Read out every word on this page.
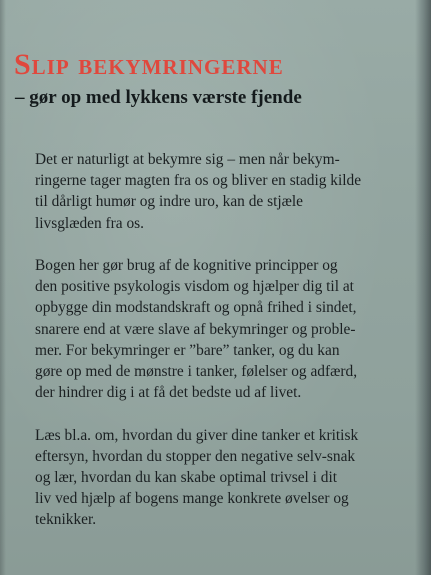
Slip bekymringerne
– gør op med lykkens værste fjende

Det er naturligt at bekymre sig – men når bekym-
ringerne tager magten fra os og bliver en stadig kilde
til dårligt humør og indre uro, kan de stjæle
livsglæden fra os.

Bogen her gør brug af de kognitive principper og
den positive psykologis visdom og hjælper dig til at
opbygge din modstandskraft og opnå frihed i sindet,
snarere end at være slave af bekymringer og proble-
mer. For bekymringer er ”bare” tanker, og du kan
gøre op med de mønstre i tanker, følelser og adfærd,
der hindrer dig i at få det bedste ud af livet.

Læs bl.a. om, hvordan du giver dine tanker et kritisk
eftersyn, hvordan du stopper den negative selv-snak
og lær, hvordan du kan skabe optimal trivsel i dit
liv ved hjælp af bogens mange konkrete øvelser og
teknikker.
